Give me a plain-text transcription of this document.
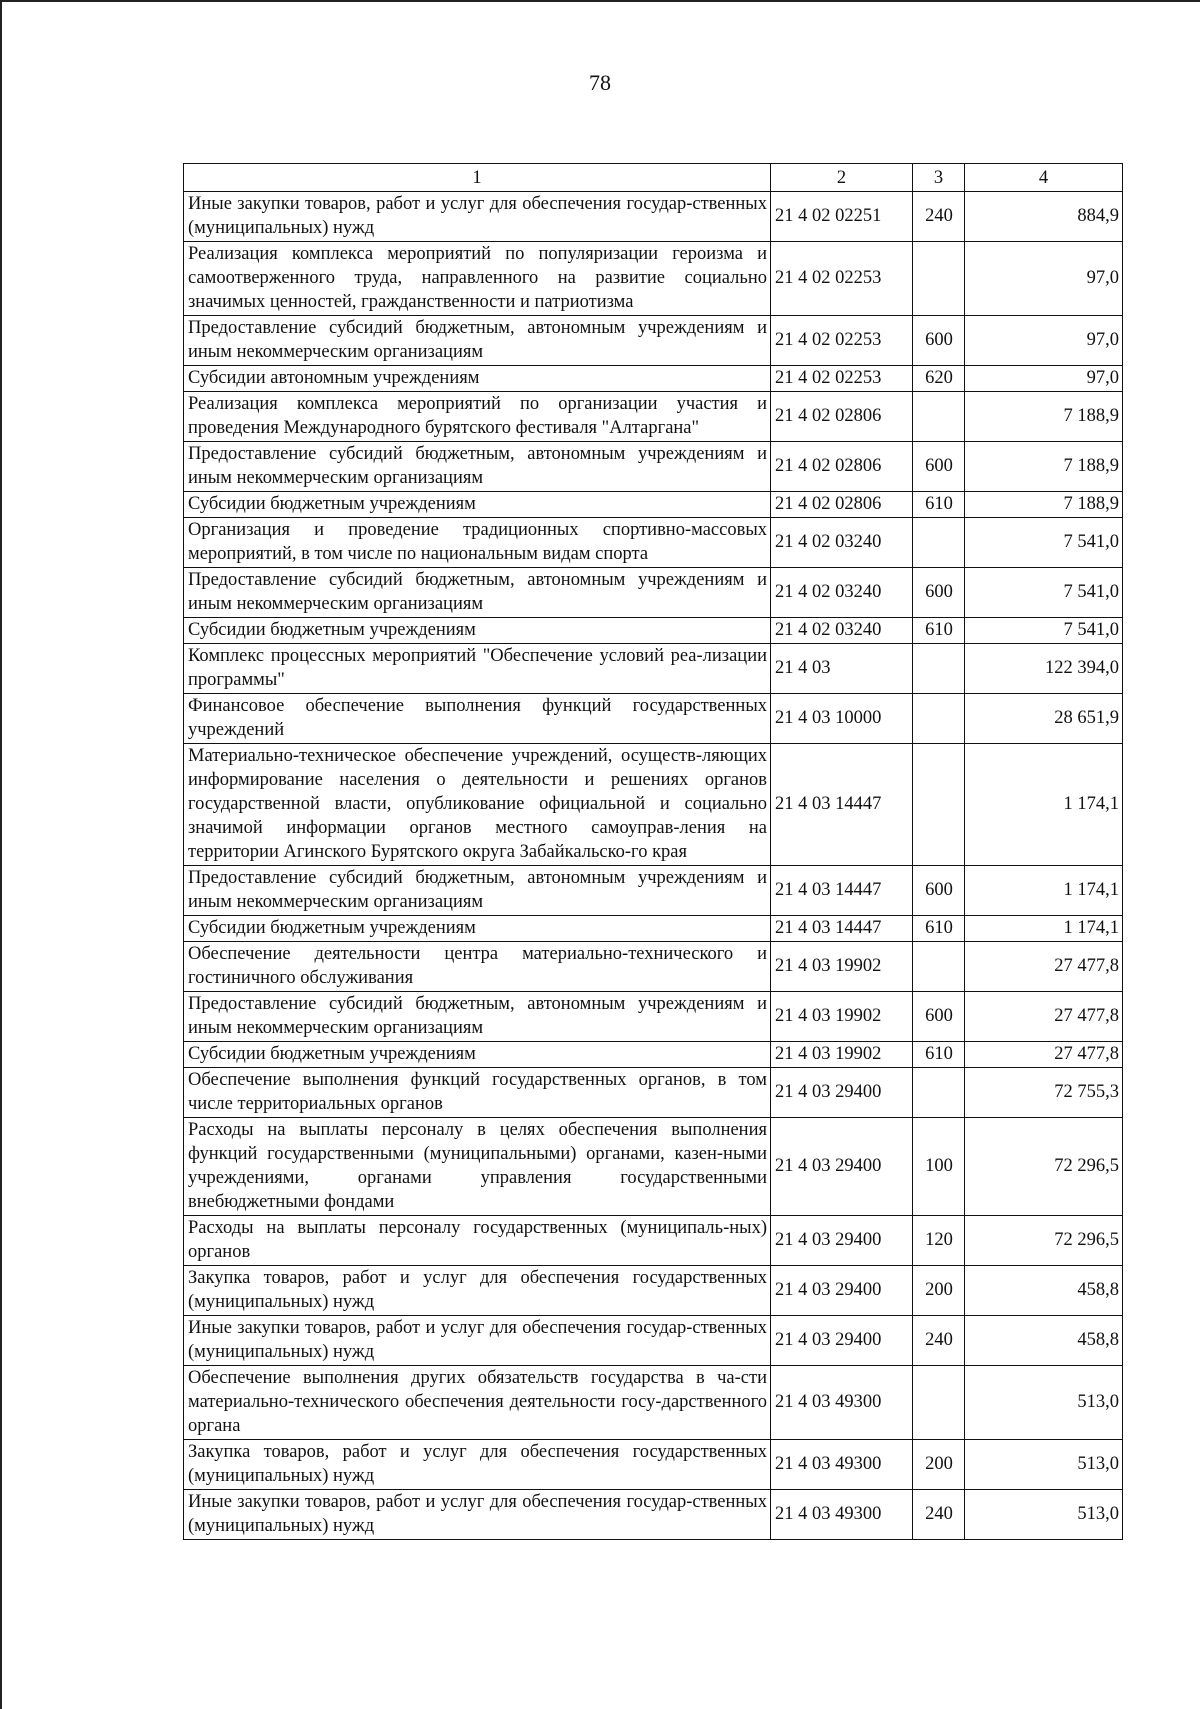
78
1	2	3	4
Иные закупки товаров, работ и услуг для обеспечения государ-ственных (муниципальных) нужд	21 4 02 02251	240	884,9
Реализация комплекса мероприятий по популяризации героизма и самоотверженного труда, направленного на развитие социально значимых ценностей, гражданственности и патриотизма	21 4 02 02253		97,0
Предоставление субсидий бюджетным, автономным учреждениям и иным некоммерческим организациям	21 4 02 02253	600	97,0
Субсидии автономным учреждениям	21 4 02 02253	620	97,0
Реализация комплекса мероприятий по организации участия и проведения Международного бурятского фестиваля "Алтаргана"	21 4 02 02806		7 188,9
Предоставление субсидий бюджетным, автономным учреждениям и иным некоммерческим организациям	21 4 02 02806	600	7 188,9
Субсидии бюджетным учреждениям	21 4 02 02806	610	7 188,9
Организация и проведение традиционных спортивно-массовых мероприятий, в том числе по национальным видам спорта	21 4 02 03240		7 541,0
Предоставление субсидий бюджетным, автономным учреждениям и иным некоммерческим организациям	21 4 02 03240	600	7 541,0
Субсидии бюджетным учреждениям	21 4 02 03240	610	7 541,0
Комплекс процессных мероприятий "Обеспечение условий реа-лизации программы"	21 4 03		122 394,0
Финансовое обеспечение выполнения функций государственных учреждений	21 4 03 10000		28 651,9
Материально-техническое обеспечение учреждений, осуществ-ляющих информирование населения о деятельности и решениях органов государственной власти, опубликование официальной и социально значимой информации органов местного самоуправ-ления на территории Агинского Бурятского округа Забайкальско-го края	21 4 03 14447		1 174,1
Предоставление субсидий бюджетным, автономным учреждениям и иным некоммерческим организациям	21 4 03 14447	600	1 174,1
Субсидии бюджетным учреждениям	21 4 03 14447	610	1 174,1
Обеспечение деятельности центра материально-технического и гостиничного обслуживания	21 4 03 19902		27 477,8
Предоставление субсидий бюджетным, автономным учреждениям и иным некоммерческим организациям	21 4 03 19902	600	27 477,8
Субсидии бюджетным учреждениям	21 4 03 19902	610	27 477,8
Обеспечение выполнения функций государственных органов, в том числе территориальных органов	21 4 03 29400		72 755,3
Расходы на выплаты персоналу в целях обеспечения выполнения функций государственными (муниципальными) органами, казен-ными учреждениями, органами управления государственными внебюджетными фондами	21 4 03 29400	100	72 296,5
Расходы на выплаты персоналу государственных (муниципаль-ных) органов	21 4 03 29400	120	72 296,5
Закупка товаров, работ и услуг для обеспечения государственных (муниципальных) нужд	21 4 03 29400	200	458,8
Иные закупки товаров, работ и услуг для обеспечения государ-ственных (муниципальных) нужд	21 4 03 29400	240	458,8
Обеспечение выполнения других обязательств государства в ча-сти материально-технического обеспечения деятельности госу-дарственного органа	21 4 03 49300		513,0
Закупка товаров, работ и услуг для обеспечения государственных (муниципальных) нужд	21 4 03 49300	200	513,0
Иные закупки товаров, работ и услуг для обеспечения государ-ственных (муниципальных) нужд	21 4 03 49300	240	513,0
